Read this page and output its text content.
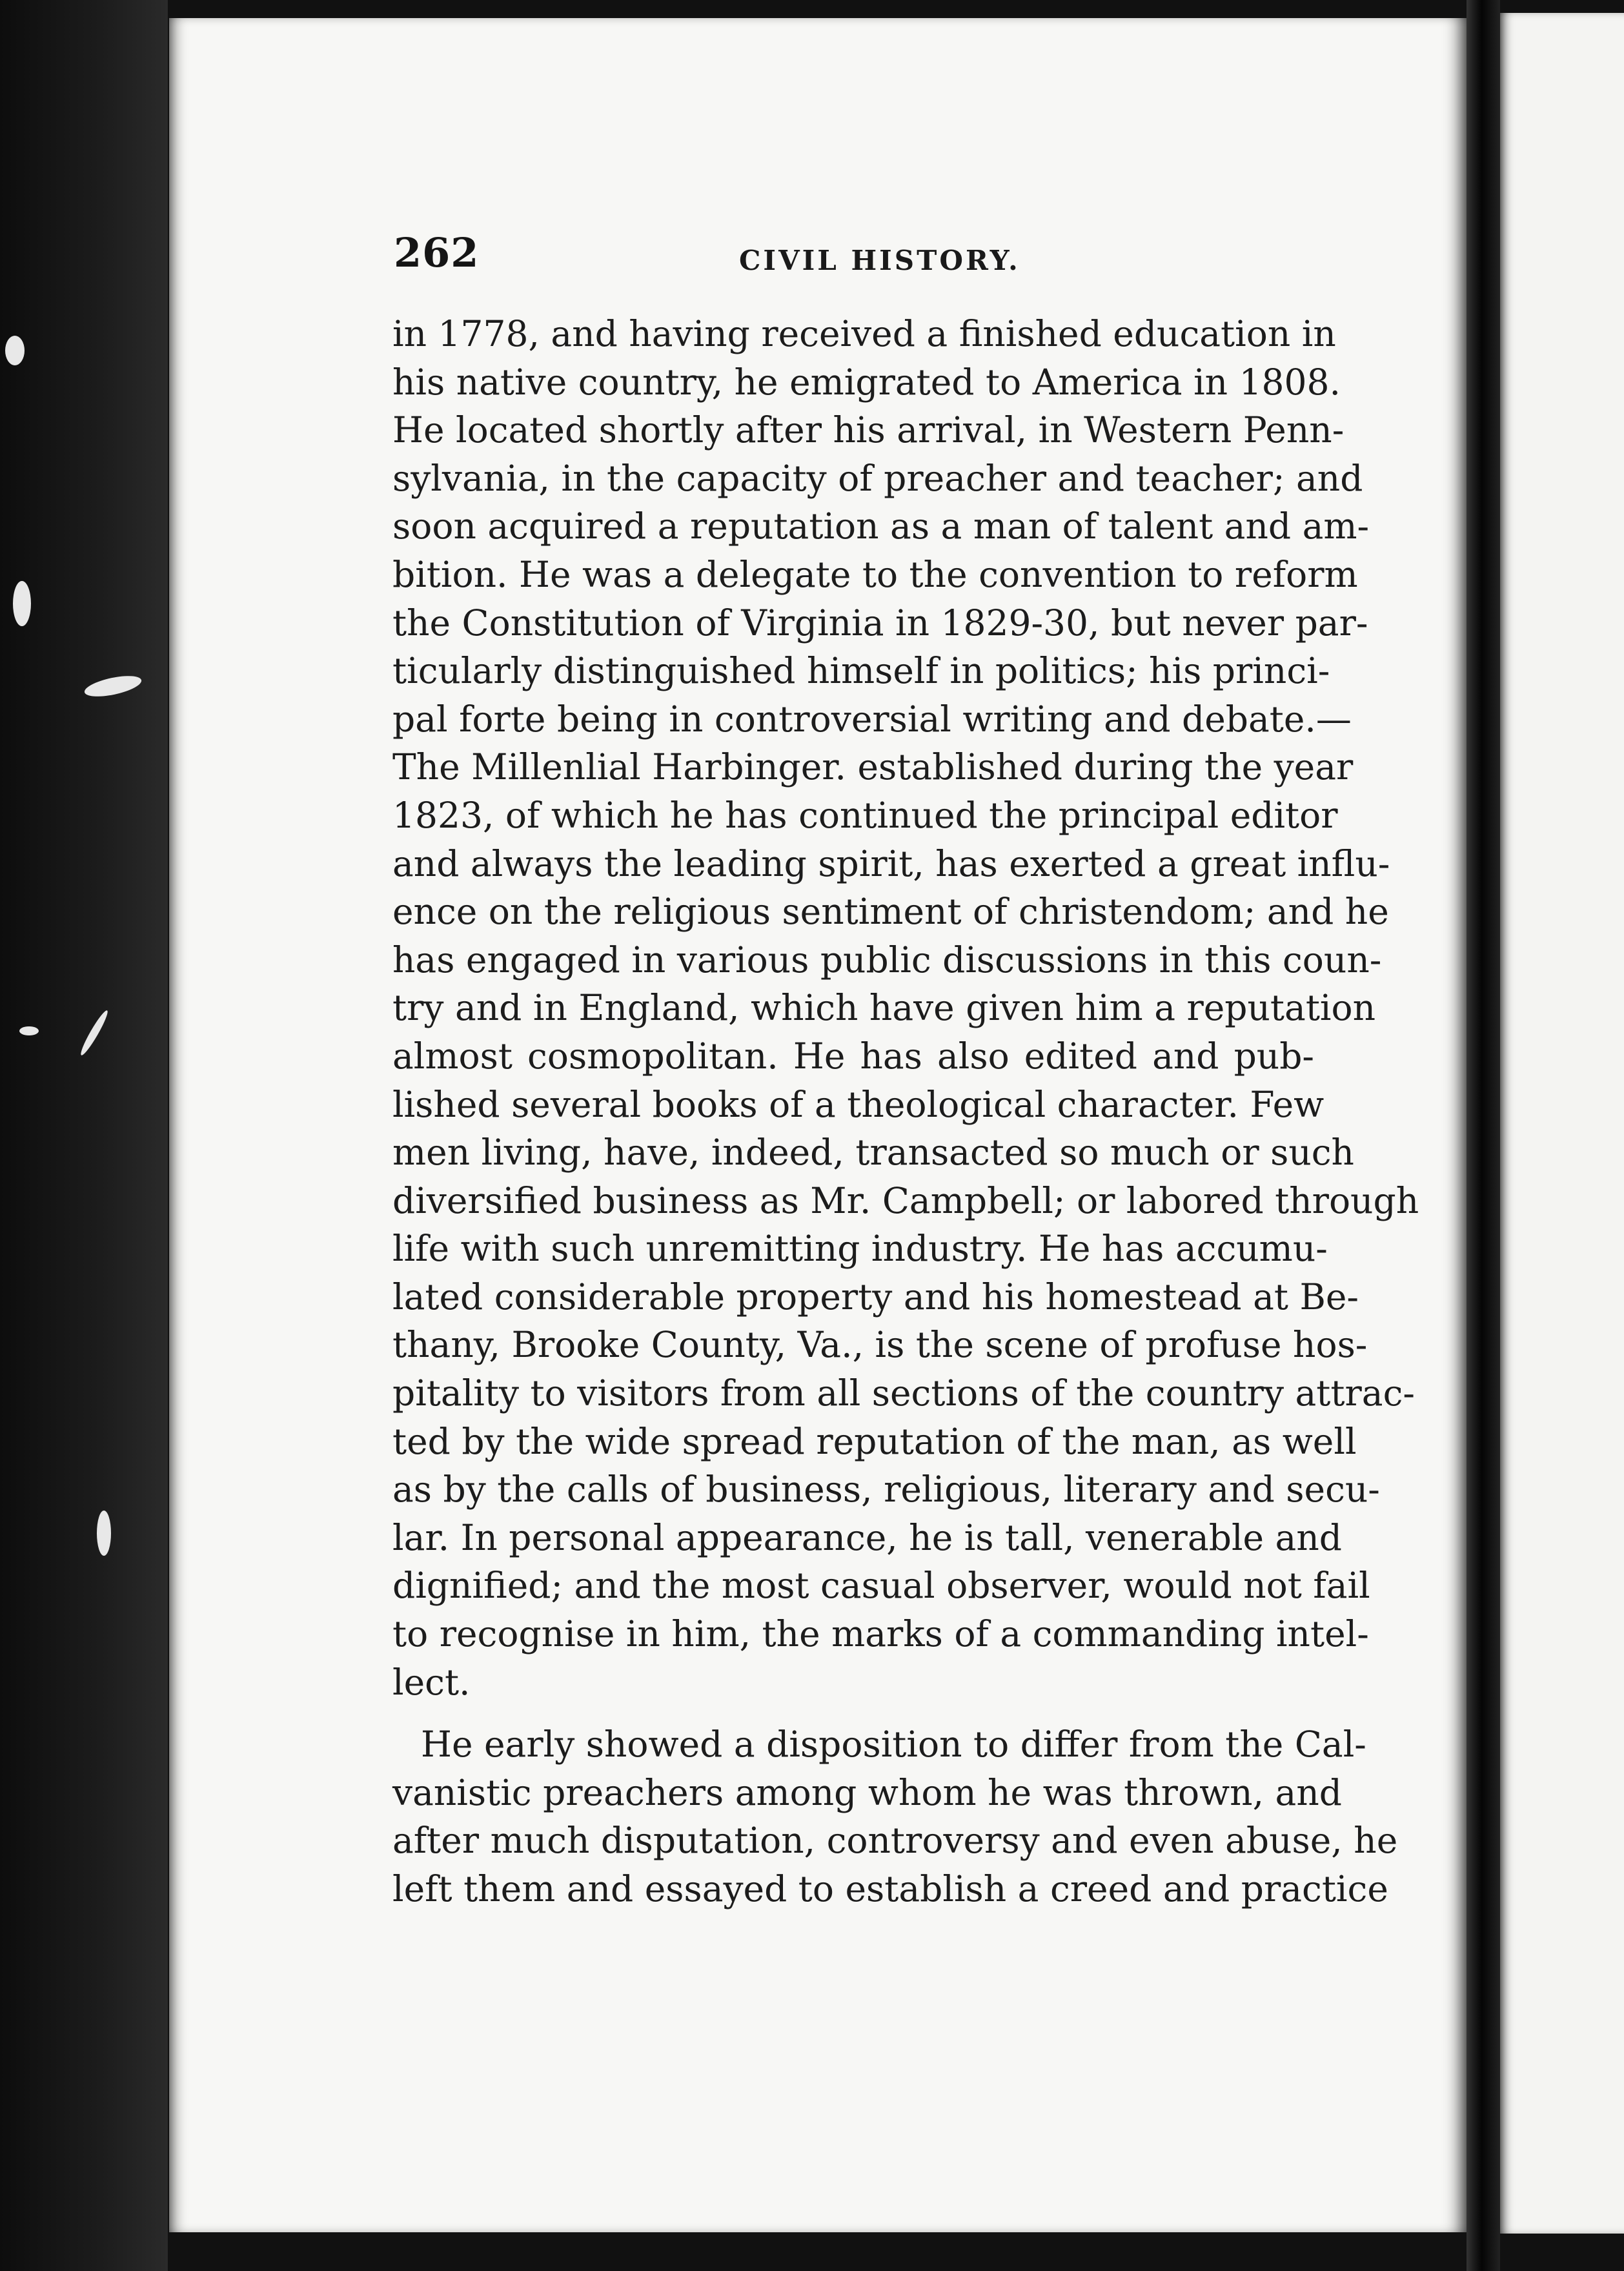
262	CIVIL HISTORY.
in 1778, and having received a finished education in
his native country, he emigrated to America in 1808.
He located shortly after his arrival, in Western Penn-
sylvania, in the capacity of preacher and teacher; and
soon acquired a reputation as a man of talent and am-
bition. He was a delegate to the convention to reform
the Constitution of Virginia in 1829-30, but never par-
ticularly distinguished himself in politics; his princi-
pal forte being in controversial writing and debate.—
The Millenlial Harbinger. established during the year
1823, of which he has continued the principal editor
and always the leading spirit, has exerted a great influ-
ence on the religious sentiment of christendom; and he
has engaged in various public discussions in this coun-
try and in England, which have given him a reputation
almost cosmopolitan. He has also edited and pub-
lished several books of a theological character. Few
men living, have, indeed, transacted so much or such
diversified business as Mr. Campbell; or labored through
life with such unremitting industry. He has accumu-
lated considerable property and his homestead at Be-
thany, Brooke County, Va., is the scene of profuse hos-
pitality to visitors from all sections of the country attrac-
ted by the wide spread reputation of the man, as well
as by the calls of business, religious, literary and secu-
lar. In personal appearance, he is tall, venerable and
dignified; and the most casual observer, would not fail
to recognise in him, the marks of a commanding intel-
lect.
He early showed a disposition to differ from the Cal-
vanistic preachers among whom he was thrown, and
after much disputation, controversy and even abuse, he
left them and essayed to establish a creed and practice
